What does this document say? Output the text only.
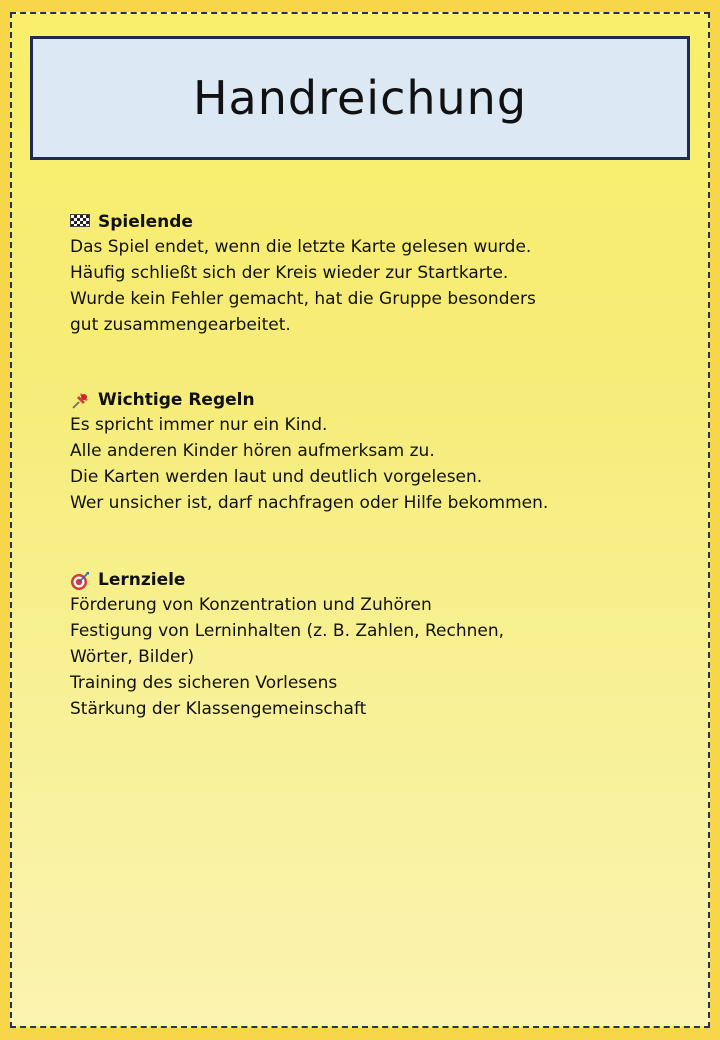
Handreichung
Spielende
Das Spiel endet, wenn die letzte Karte gelesen wurde.
Häufig schließt sich der Kreis wieder zur Startkarte.
Wurde kein Fehler gemacht, hat die Gruppe besonders
gut zusammengearbeitet.
Wichtige Regeln
Es spricht immer nur ein Kind.
Alle anderen Kinder hören aufmerksam zu.
Die Karten werden laut und deutlich vorgelesen.
Wer unsicher ist, darf nachfragen oder Hilfe bekommen.
Lernziele
Förderung von Konzentration und Zuhören
Festigung von Lerninhalten (z. B. Zahlen, Rechnen,
Wörter, Bilder)
Training des sicheren Vorlesens
Stärkung der Klassengemeinschaft
